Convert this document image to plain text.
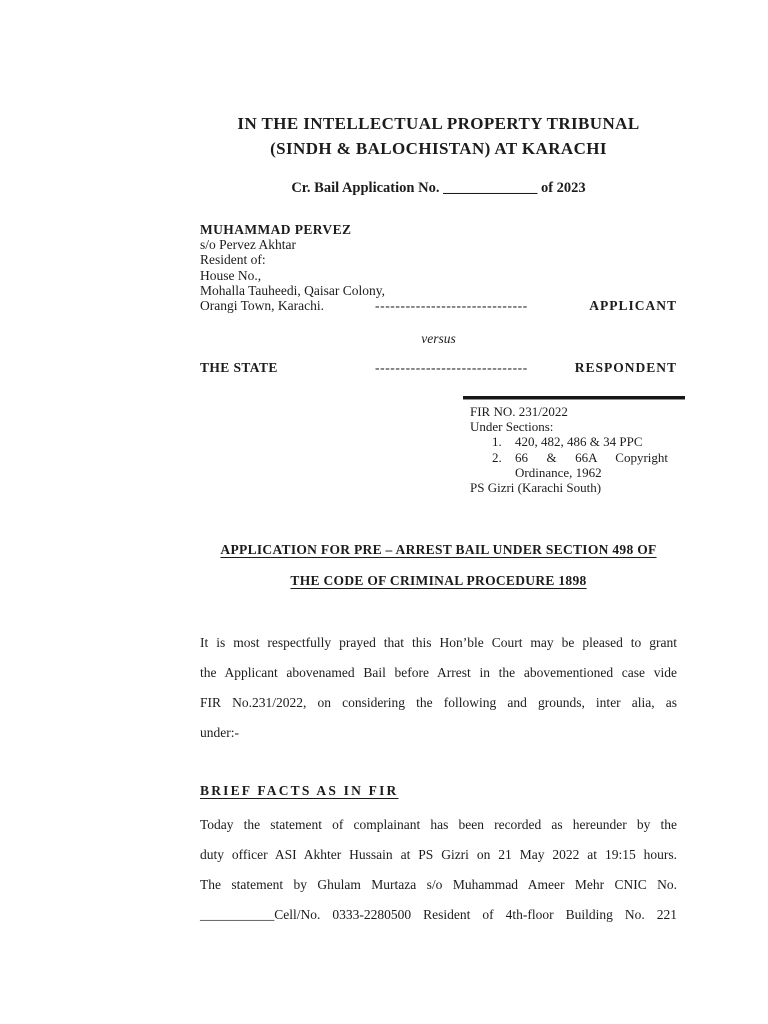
IN THE INTELLECTUAL PROPERTY TRIBUNAL
(SINDH & BALOCHISTAN) AT KARACHI
Cr. Bail Application No. _____________ of 2023
MUHAMMAD PERVEZ
s/o Pervez Akhtar
Resident of:
House No.,
Mohalla Tauheedi, Qaisar Colony,
Orangi Town, Karachi.	------------------------------	APPLICANT
versus
THE STATE	------------------------------	RESPONDENT
FIR NO. 231/2022
Under Sections:
1. 420, 482, 486 & 34 PPC
2. 66 & 66A Copyright
Ordinance, 1962
PS Gizri (Karachi South)
APPLICATION FOR PRE – ARREST BAIL UNDER SECTION 498 OF
THE CODE OF CRIMINAL PROCEDURE 1898
It is most respectfully prayed that this Hon’ble Court may be pleased to grant
the Applicant abovenamed Bail before Arrest in the abovementioned case vide
FIR No.231/2022, on considering the following and grounds, inter alia, as
under:-
BRIEF FACTS AS IN FIR
Today the statement of complainant has been recorded as hereunder by the
duty officer ASI Akhter Hussain at PS Gizri on 21 May 2022 at 19:15 hours.
The statement by Ghulam Murtaza s/o Muhammad Ameer Mehr CNIC No.
___________Cell/No. 0333-2280500 Resident of 4th-floor Building No. 221
